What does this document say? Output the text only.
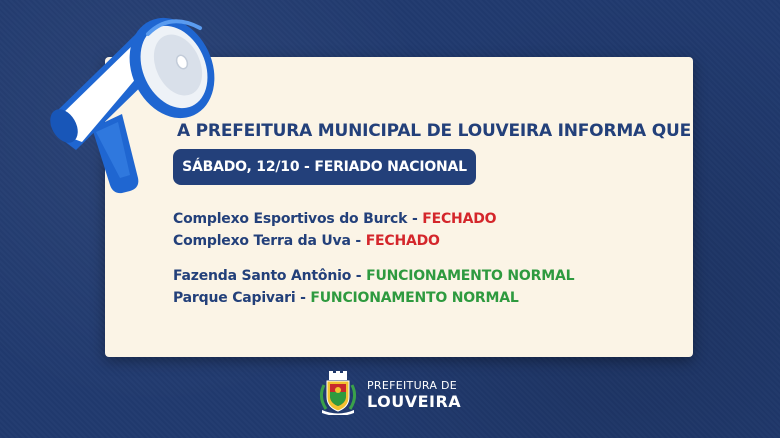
A PREFEITURA MUNICIPAL DE LOUVEIRA INFORMA QUE
SÁBADO, 12/10 - FERIADO NACIONAL
Complexo Esportivos do Burck - FECHADO
Complexo Terra da Uva - FECHADO
Fazenda Santo Antônio - FUNCIONAMENTO NORMAL
Parque Capivari - FUNCIONAMENTO NORMAL
PREFEITURA DE
LOUVEIRA
